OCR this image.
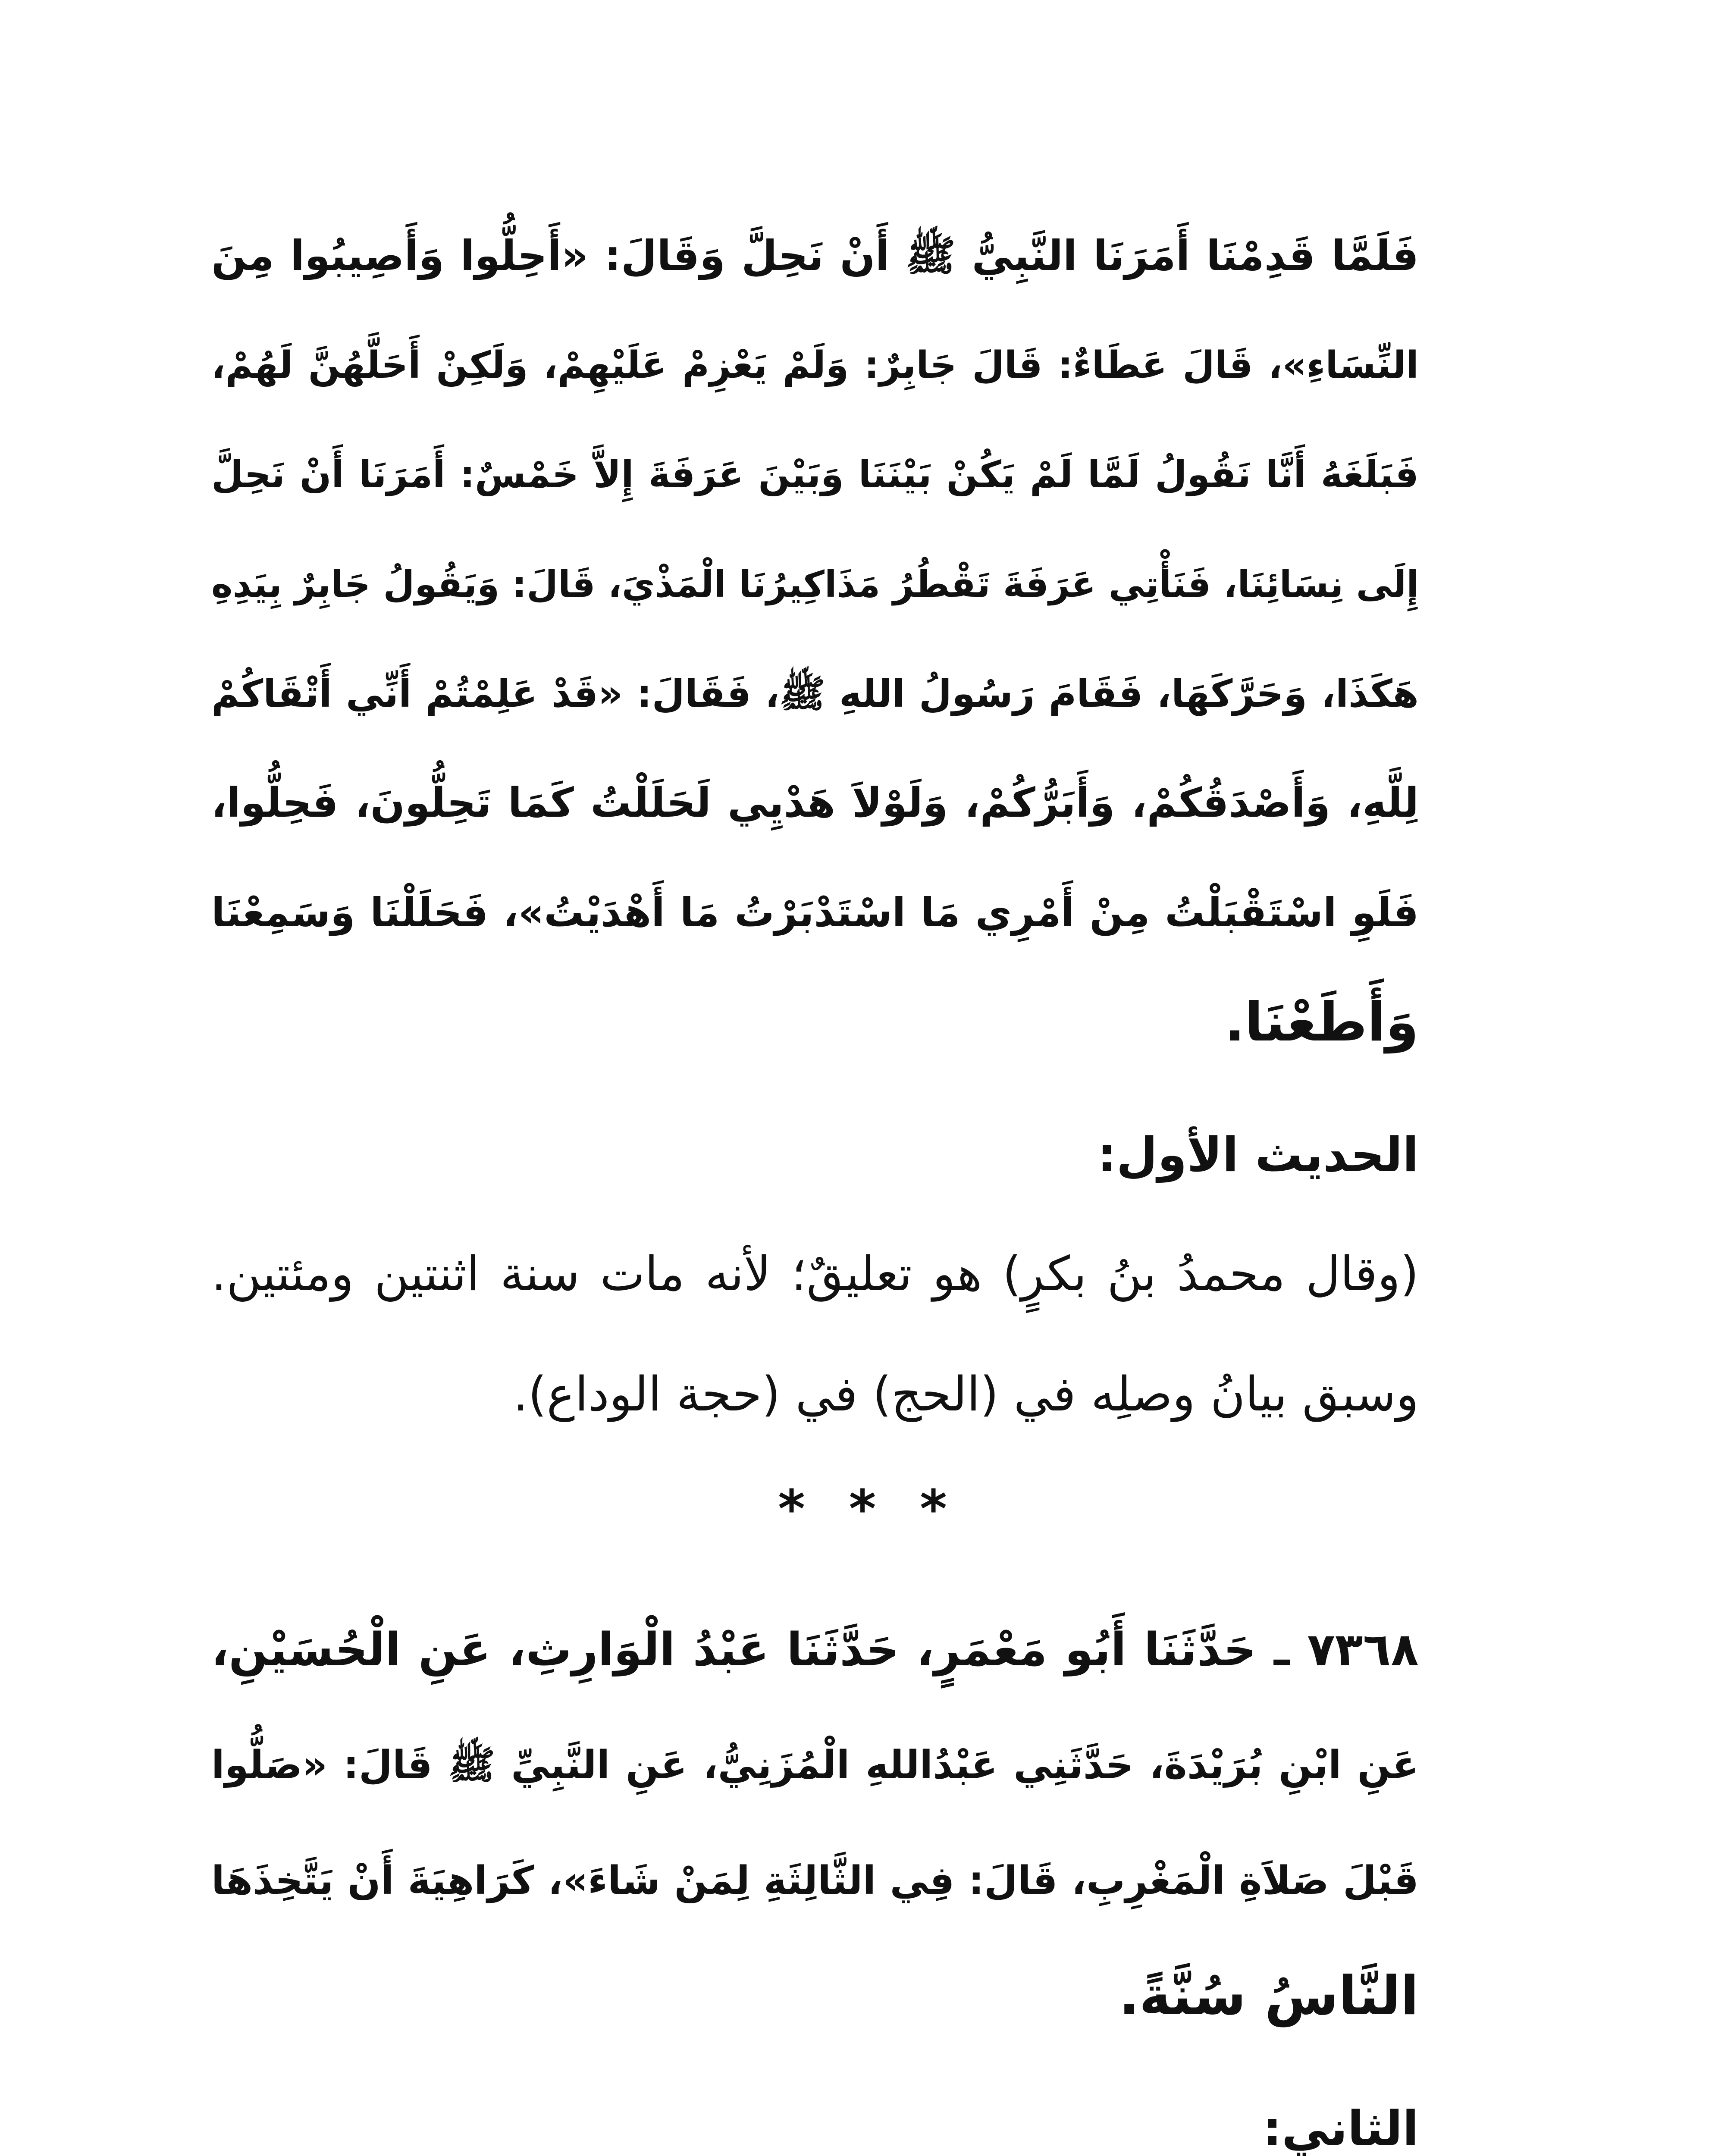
فَلَمَّا قَدِمْنَا أَمَرَنَا النَّبِيُّ ﷺ أَنْ نَحِلَّ وَقَالَ: «أَحِلُّوا وَأَصِيبُوا مِنَ
النِّسَاءِ»، قَالَ عَطَاءٌ: قَالَ جَابِرٌ: وَلَمْ يَعْزِمْ عَلَيْهِمْ، وَلَكِنْ أَحَلَّهُنَّ لَهُمْ،
فَبَلَغَهُ أَنَّا نَقُولُ لَمَّا لَمْ يَكُنْ بَيْنَنَا وَبَيْنَ عَرَفَةَ إِلاَّ خَمْسٌ: أَمَرَنَا أَنْ نَحِلَّ
إِلَى نِسَائِنَا، فَنَأْتِي عَرَفَةَ تَقْطُرُ مَذَاكِيرُنَا الْمَذْيَ، قَالَ: وَيَقُولُ جَابِرٌ بِيَدِهِ
هَكَذَا، وَحَرَّكَهَا، فَقَامَ رَسُولُ اللهِ ﷺ، فَقَالَ: «قَدْ عَلِمْتُمْ أَنِّي أَتْقَاكُمْ
لِلَّهِ، وَأَصْدَقُكُمْ، وَأَبَرُّكُمْ، وَلَوْلاَ هَدْيِي لَحَلَلْتُ كَمَا تَحِلُّونَ، فَحِلُّوا،
فَلَوِ اسْتَقْبَلْتُ مِنْ أَمْرِي مَا اسْتَدْبَرْتُ مَا أَهْدَيْتُ»، فَحَلَلْنَا وَسَمِعْنَا
وَأَطَعْنَا.
الحديث الأول:
(وقال محمدُ بنُ بكرٍ) هو تعليقٌ؛ لأنه مات سنة اثنتين ومئتين.
وسبق بيانُ وصلِه في (الحج) في (حجة الوداع).
* * *
٧٣٦٨ ـ حَدَّثَنَا أَبُو مَعْمَرٍ، حَدَّثَنَا عَبْدُ الْوَارِثِ، عَنِ الْحُسَيْنِ،
عَنِ ابْنِ بُرَيْدَةَ، حَدَّثَنِي عَبْدُاللهِ الْمُزَنِيُّ، عَنِ النَّبِيِّ ﷺ قَالَ: «صَلُّوا
قَبْلَ صَلاَةِ الْمَغْرِبِ، قَالَ: فِي الثَّالِثَةِ لِمَنْ شَاءَ»، كَرَاهِيَةَ أَنْ يَتَّخِذَهَا
النَّاسُ سُنَّةً.
الثاني:
